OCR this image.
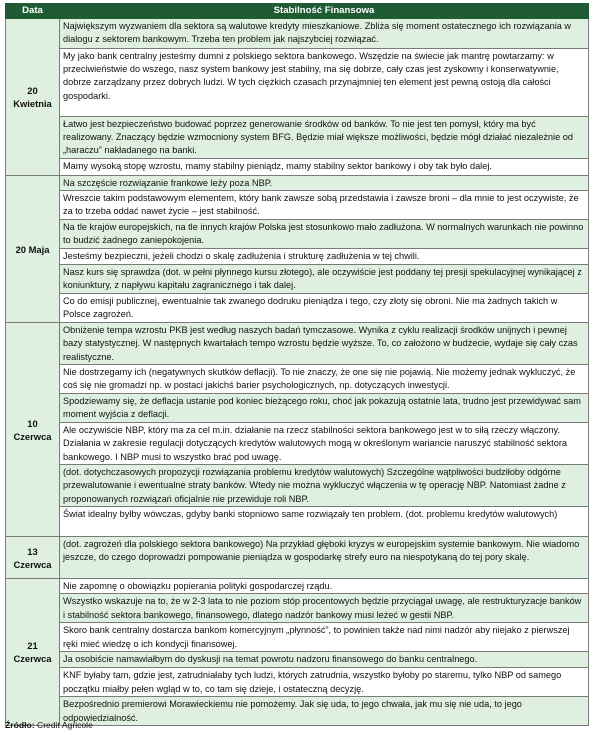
Data	Stabilność Finansowa
20 Kwietnia	Największym wyzwaniem dla sektora są walutowe kredyty mieszkaniowe. Zbliża się moment ostatecznego ich rozwiązania w dialogu z sektorem bankowym. Trzeba ten problem jak najszybciej rozwiązać.
	My jako bank centralny jesteśmy dumni z polskiego sektora bankowego. Wszędzie na świecie jak mantrę powtarzamy: w przeciwieństwie do wszego, nasz system bankowy jest stabilny, ma się dobrze, cały czas jest zyskowny i konserwatywnie, dobrze zarządzany przez dobrych ludzi. W tych ciężkich czasach przynajmniej ten element jest pewną ostoją dla całości gospodarki.
	Łatwo jest bezpieczeństwo budować poprzez generowanie środków od banków. To nie jest ten pomysł, który ma być realizowany. Znaczący będzie wzmocniony system BFG. Będzie miał większe możliwości, będzie mógł działać niezależnie od „haraczu” nakładanego na banki.
	Mamy wysoką stopę wzrostu, mamy stabilny pieniądz, mamy stabilny sektor bankowy i oby tak było dalej.
20 Maja	Na szczęście rozwiązanie frankowe leży poza NBP.
	Wreszcie takim podstawowym elementem, który bank zawsze sobą przedstawia i zawsze broni – dla mnie to jest oczywiste, że za to trzeba oddać nawet życie – jest stabilność.
	Na tle krajów europejskich, na tle innych krajów Polska jest stosunkowo mało zadłużona. W normalnych warunkach nie powinno to budzić żadnego zaniepokojenia.
	Jesteśmy bezpieczni, jeżeli chodzi o skalę zadłużenia i strukturę zadłużenia w tej chwili.
	Nasz kurs się sprawdza (dot. w pełni płynnego kursu złotego), ale oczywiście jest poddany tej presji spekulacyjnej wynikającej z koniunktury, z napływu kapitału zagranicznego i tak dalej.
	Co do emisji publicznej, ewentualnie tak zwanego dodruku pieniądza i tego, czy złoty się obroni. Nie ma żadnych takich w Polsce zagrożeń.
10 Czerwca	Obniżenie tempa wzrostu PKB jest według naszych badań tymczasowe. Wynika z cyklu realizacji środków unijnych i pewnej bazy statystycznej. W następnych kwartałach tempo wzrostu będzie wyższe. To, co założono w budżecie, wydaje się cały czas realistyczne.
	Nie dostrzegamy ich (negatywnych skutków deflacji). To nie znaczy, że one się nie pojawią. Nie możemy jednak wykluczyć, że coś się nie gromadzi np. w postaci jakichś barier psychologicznych, np. dotyczących inwestycji.
	Spodziewamy się, że deflacja ustanie pod koniec bieżącego roku, choć jak pokazują ostatnie lata, trudno jest przewidywać sam moment wyjścia z deflacji.
	Ale oczywiście NBP, który ma za cel m.in. działanie na rzecz stabilności sektora bankowego jest w to siłą rzeczy włączony. Działania w zakresie regulacji dotyczących kredytów walutowych mogą w określonym wariancie naruszyć stabilność sektora bankowego. I NBP musi to wszystko brać pod uwagę.
	(dot. dotychczasowych propozycji rozwiązania problemu kredytów walutowych) Szczególne wątpliwości budziłoby odgórne przewalutowanie i ewentualne straty banków. Wtedy nie można wykluczyć włączenia w tę operację NBP. Natomiast żadne z proponowanych rozwiązań oficjalnie nie przewiduje roli NBP.
	Świat idealny byłby wówczas, gdyby banki stopniowo same rozwiązały ten problem. (dot. problemu kredytów walutowych)
13 Czerwca	(dot. zagrożeń dla polskiego sektora bankowego) Na przykład głęboki kryzys w europejskim systemie bankowym. Nie wiadomo jeszcze, do czego doprowadzi pompowanie pieniądza w gospodarkę strefy euro na niespotykaną do tej pory skalę.
21 Czerwca	Nie zapomnę o obowiązku popierania polityki gospodarczej rządu.
	Wszystko wskazuje na to, że w 2-3 lata to nie poziom stóp procentowych będzie przyciągał uwagę, ale restrukturyzacje banków i stabilność sektora bankowego, finansowego, dlatego nadzór bankowy musi leżeć w gestii NBP.
	Skoro bank centralny dostarcza bankom komercyjnym „płynność”, to powinien także nad nimi nadzór aby niejako z pierwszej ręki mieć wiedzę o ich kondycji finansowej.
	Ja osobiście namawiałbym do dyskusji na temat powrotu nadzoru finansowego do banku centralnego.
	KNF byłaby tam, gdzie jest, zatrudniałaby tych ludzi, których zatrudnia, wszystko byłoby po staremu, tylko NBP od samego początku miałby pełen wgląd w to, co tam się dzieje, i ostateczną decyzję.
	Bezpośrednio premierowi Morawieckiemu nie pomożemy. Jak się uda, to jego chwała, jak mu się nie uda, to jego odpowiedzialność.
Źródło: Credit Agricole
